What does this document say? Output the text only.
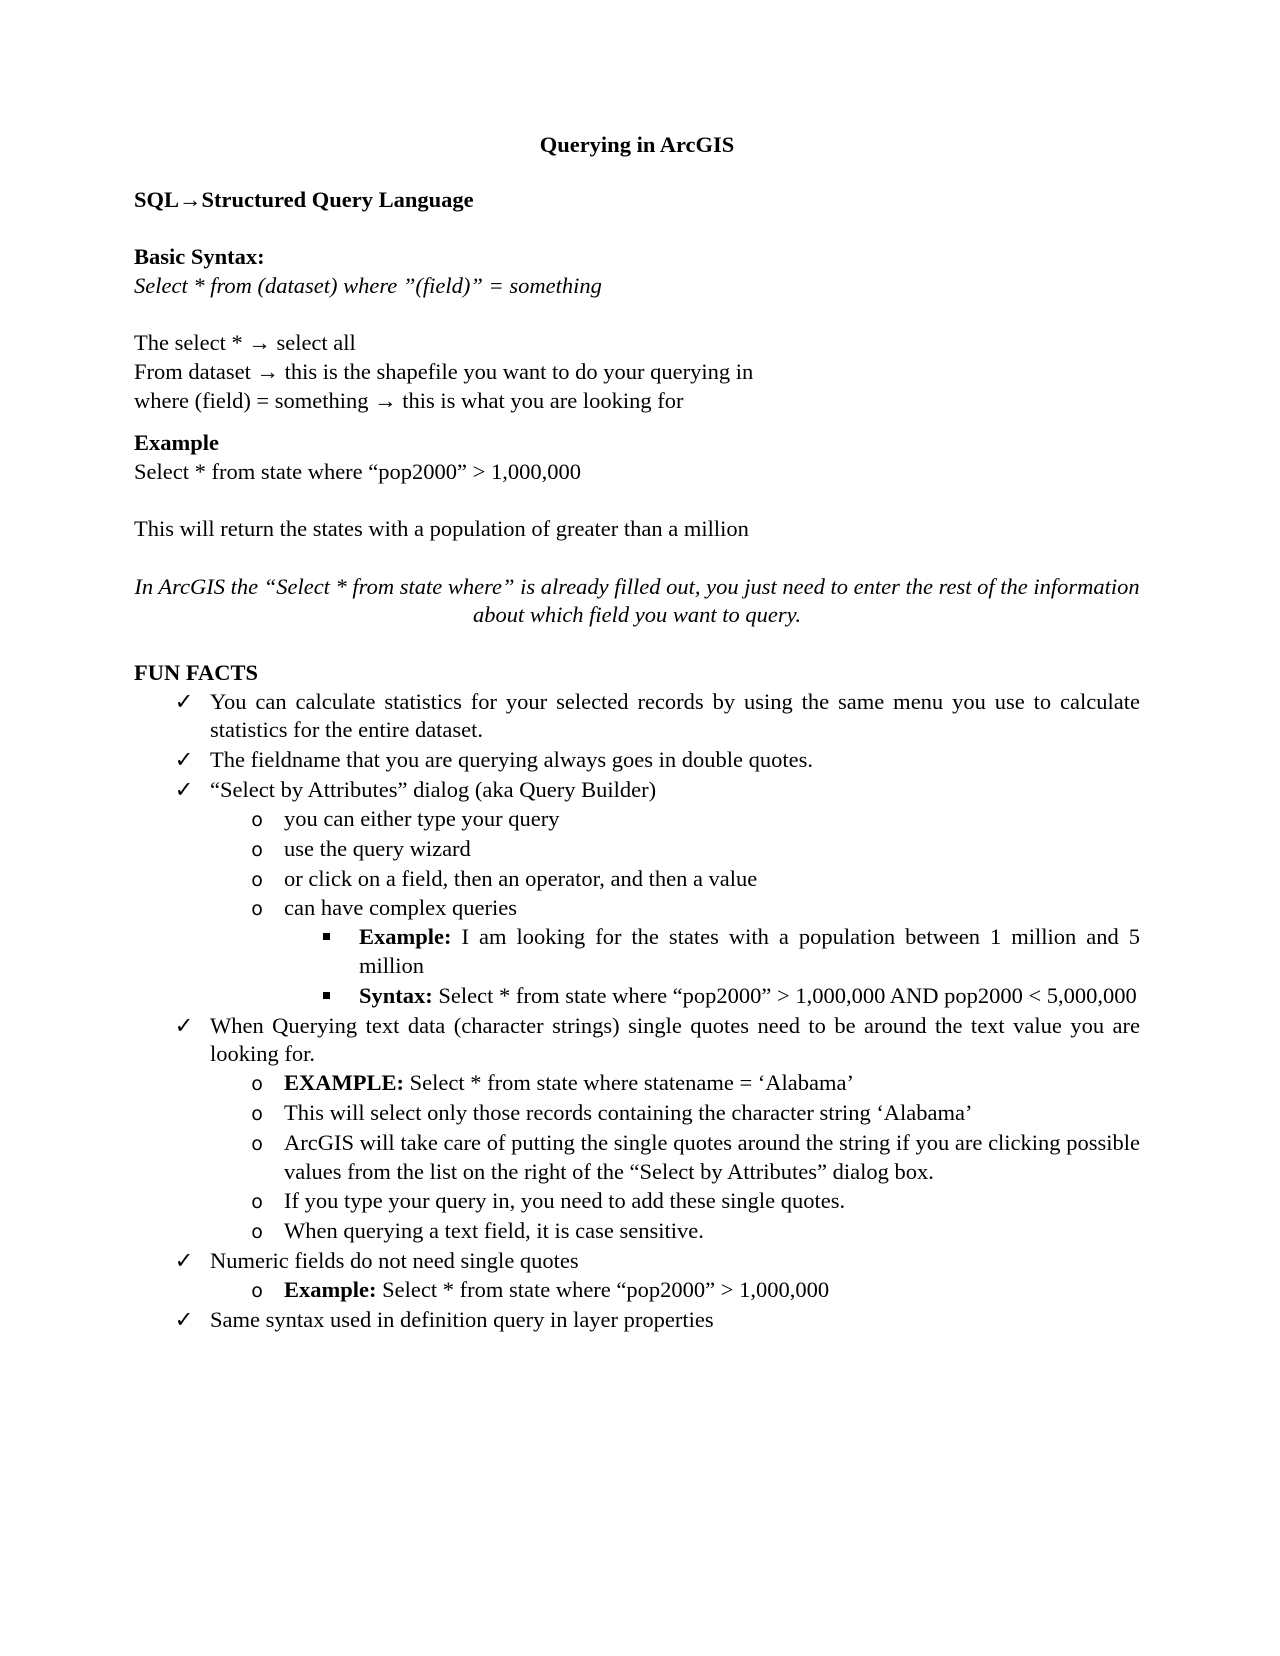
Querying in ArcGIS
SQL→Structured Query Language
Basic Syntax:
Select * from (dataset) where ”(field)” = something
The select * → select all
From dataset → this is the shapefile you want to do your querying in
where (field) = something → this is what you are looking for
Example
Select * from state where “pop2000” > 1,000,000
This will return the states with a population of greater than a million
In ArcGIS the “Select * from state where” is already filled out, you just need to enter the rest of the information about which field you want to query.
FUN FACTS
✓ You can calculate statistics for your selected records by using the same menu you use to calculate statistics for the entire dataset.
✓ The fieldname that you are querying always goes in double quotes.
✓ “Select by Attributes” dialog (aka Query Builder)
o you can either type your query
o use the query wizard
o or click on a field, then an operator, and then a value
o can have complex queries
Example: I am looking for the states with a population between 1 million and 5 million
Syntax: Select * from state where “pop2000” > 1,000,000 AND pop2000 < 5,000,000
✓ When Querying text data (character strings) single quotes need to be around the text value you are looking for.
o EXAMPLE: Select * from state where statename = ‘Alabama’
o This will select only those records containing the character string ‘Alabama’
o ArcGIS will take care of putting the single quotes around the string if you are clicking possible values from the list on the right of the “Select by Attributes” dialog box.
o If you type your query in, you need to add these single quotes.
o When querying a text field, it is case sensitive.
✓ Numeric fields do not need single quotes
o Example: Select * from state where “pop2000” > 1,000,000
✓ Same syntax used in definition query in layer properties
